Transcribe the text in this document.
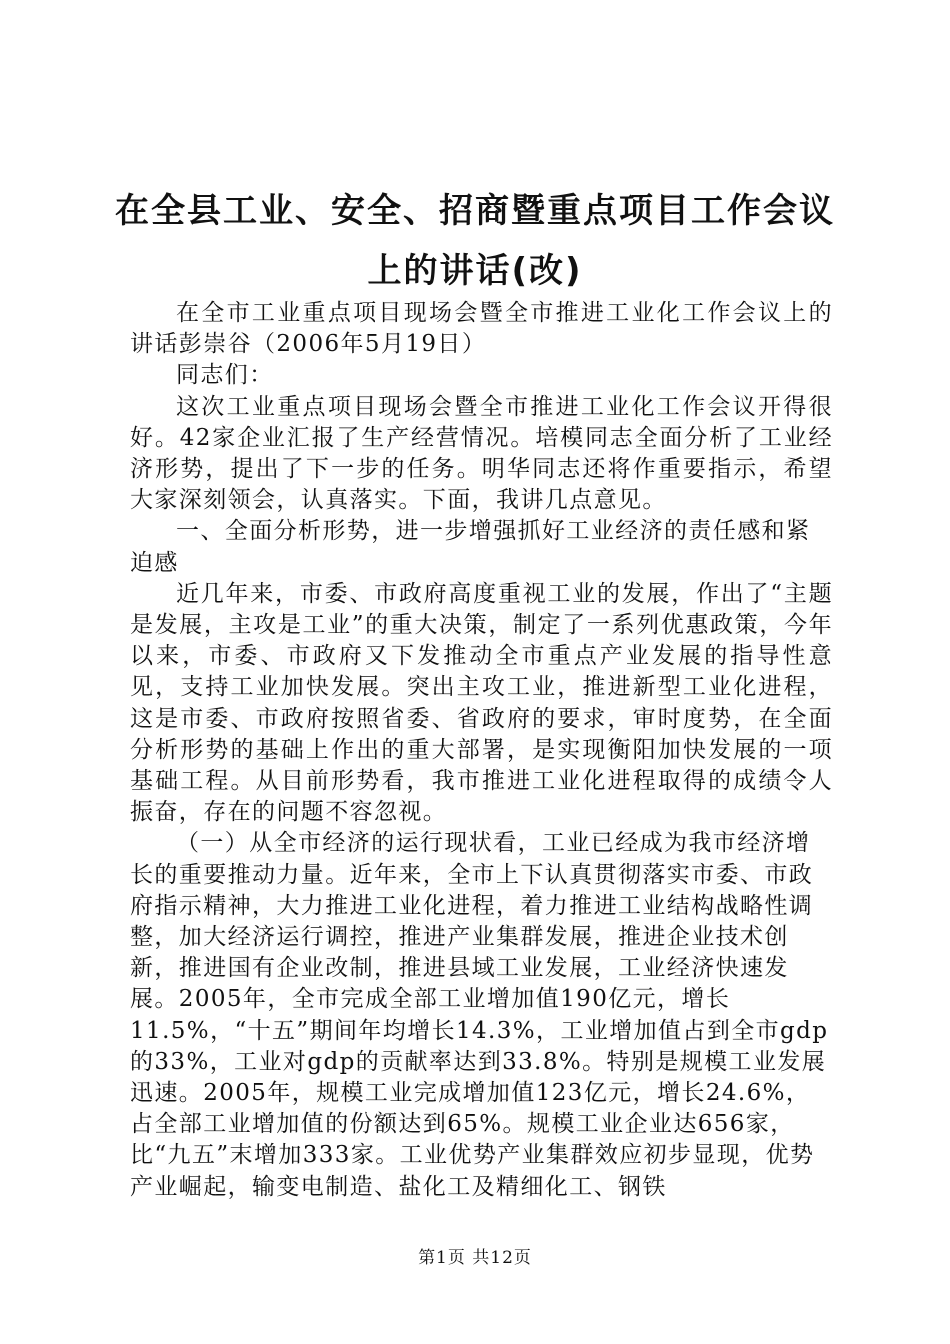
在全县工业、安全、招商暨重点项目工作会议
上的讲话(改)

在全市工业重点项目现场会暨全市推进工业化工作会议上的讲话彭崇谷（2006年5月19日）

同志们：

这次工业重点项目现场会暨全市推进工业化工作会议开得很好。42家企业汇报了生产经营情况。培模同志全面分析了工业经济形势，提出了下一步的任务。明华同志还将作重要指示，希望大家深刻领会，认真落实。下面，我讲几点意见。

一、全面分析形势，进一步增强抓好工业经济的责任感和紧迫感

近几年来，市委、市政府高度重视工业的发展，作出了“主题是发展，主攻是工业”的重大决策，制定了一系列优惠政策，今年以来，市委、市政府又下发推动全市重点产业发展的指导性意见，支持工业加快发展。突出主攻工业，推进新型工业化进程，这是市委、市政府按照省委、省政府的要求，审时度势，在全面分析形势的基础上作出的重大部署，是实现衡阳加快发展的一项基础工程。从目前形势看，我市推进工业化进程取得的成绩令人振奋，存在的问题不容忽视。

（一）从全市经济的运行现状看，工业已经成为我市经济增长的重要推动力量。近年来，全市上下认真贯彻落实市委、市政府指示精神，大力推进工业化进程，着力推进工业结构战略性调整，加大经济运行调控，推进产业集群发展，推进企业技术创新，推进国有企业改制，推进县域工业发展，工业经济快速发展。2005年，全市完成全部工业增加值190亿元，增长11.5%，“十五”期间年均增长14.3%，工业增加值占到全市gdp的33%，工业对gdp的贡献率达到33.8%。特别是规模工业发展迅速。2005年，规模工业完成增加值123亿元，增长24.6%，占全部工业增加值的份额达到65%。规模工业企业达656家，比“九五”末增加333家。工业优势产业集群效应初步显现，优势产业崛起，输变电制造、盐化工及精细化工、钢铁

第1页 共12页
